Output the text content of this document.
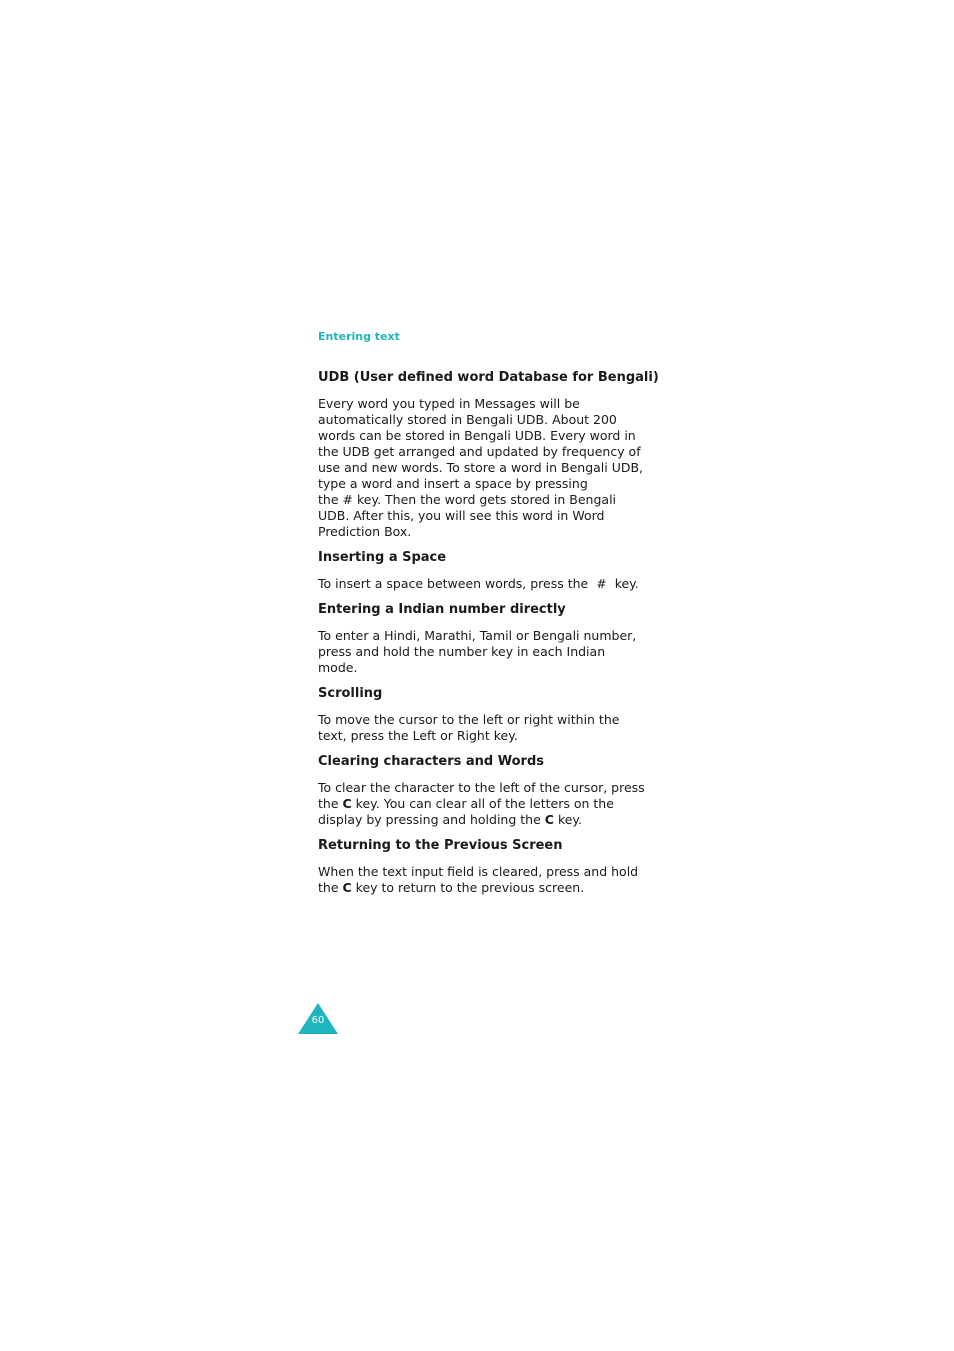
Entering text
UDB (User defined word Database for Bengali)

Every word you typed in Messages will be automatically stored in Bengali UDB. About 200 words can be stored in Bengali UDB. Every word in the UDB get arranged and updated by frequency of use and new words. To store a word in Bengali UDB, type a word and insert a space by pressing the # key. Then the word gets stored in Bengali UDB. After this, you will see this word in Word Prediction Box.

Inserting a Space

To insert a space between words, press the # key.

Entering a Indian number directly

To enter a Hindi, Marathi, Tamil or Bengali number, press and hold the number key in each Indian mode.

Scrolling

To move the cursor to the left or right within the text, press the Left or Right key.

Clearing characters and Words

To clear the character to the left of the cursor, press the C key. You can clear all of the letters on the display by pressing and holding the C key.

Returning to the Previous Screen

When the text input field is cleared, press and hold the C key to return to the previous screen.

60
